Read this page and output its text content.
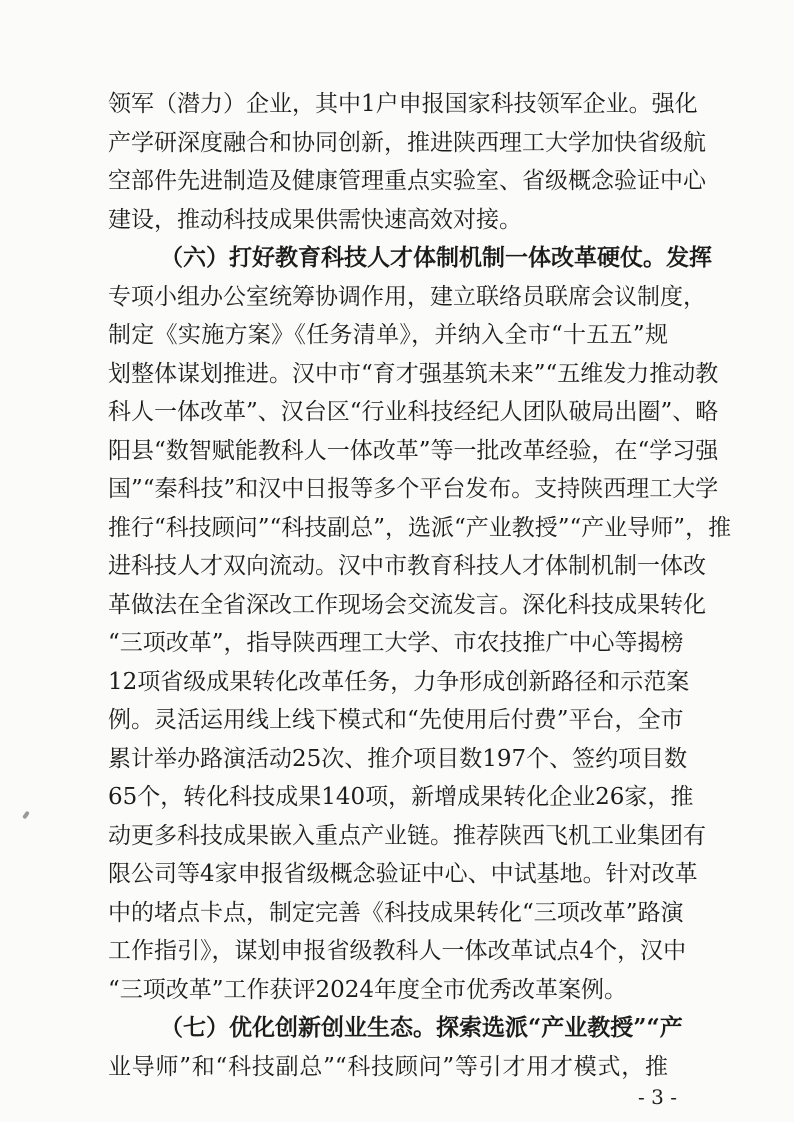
领军（潜力）企业，其中1户申报国家科技领军企业。强化
产学研深度融合和协同创新，推进陕西理工大学加快省级航
空部件先进制造及健康管理重点实验室、省级概念验证中心
建设，推动科技成果供需快速高效对接。
（六）打好教育科技人才体制机制一体改革硬仗。发挥
专项小组办公室统筹协调作用，建立联络员联席会议制度，
制定《实施方案》《任务清单》，并纳入全市“十五五”规
划整体谋划推进。汉中市“育才强基筑未来”“五维发力推动教
科人一体改革”、汉台区“行业科技经纪人团队破局出圈”、略
阳县“数智赋能教科人一体改革”等一批改革经验，在“学习强
国”“秦科技”和汉中日报等多个平台发布。支持陕西理工大学
推行“科技顾问”“科技副总”，选派“产业教授”“产业导师”，推
进科技人才双向流动。汉中市教育科技人才体制机制一体改
革做法在全省深改工作现场会交流发言。深化科技成果转化
“三项改革”，指导陕西理工大学、市农技推广中心等揭榜
12项省级成果转化改革任务，力争形成创新路径和示范案
例。灵活运用线上线下模式和“先使用后付费”平台，全市
累计举办路演活动25次、推介项目数197个、签约项目数
65个，转化科技成果140项，新增成果转化企业26家，推
动更多科技成果嵌入重点产业链。推荐陕西飞机工业集团有
限公司等4家申报省级概念验证中心、中试基地。针对改革
中的堵点卡点，制定完善《科技成果转化“三项改革”路演
工作指引》，谋划申报省级教科人一体改革试点4个，汉中
“三项改革”工作获评2024年度全市优秀改革案例。
（七）优化创新创业生态。探索选派“产业教授”“产
业导师”和“科技副总”“科技顾问”等引才用才模式，推
- 3 -
